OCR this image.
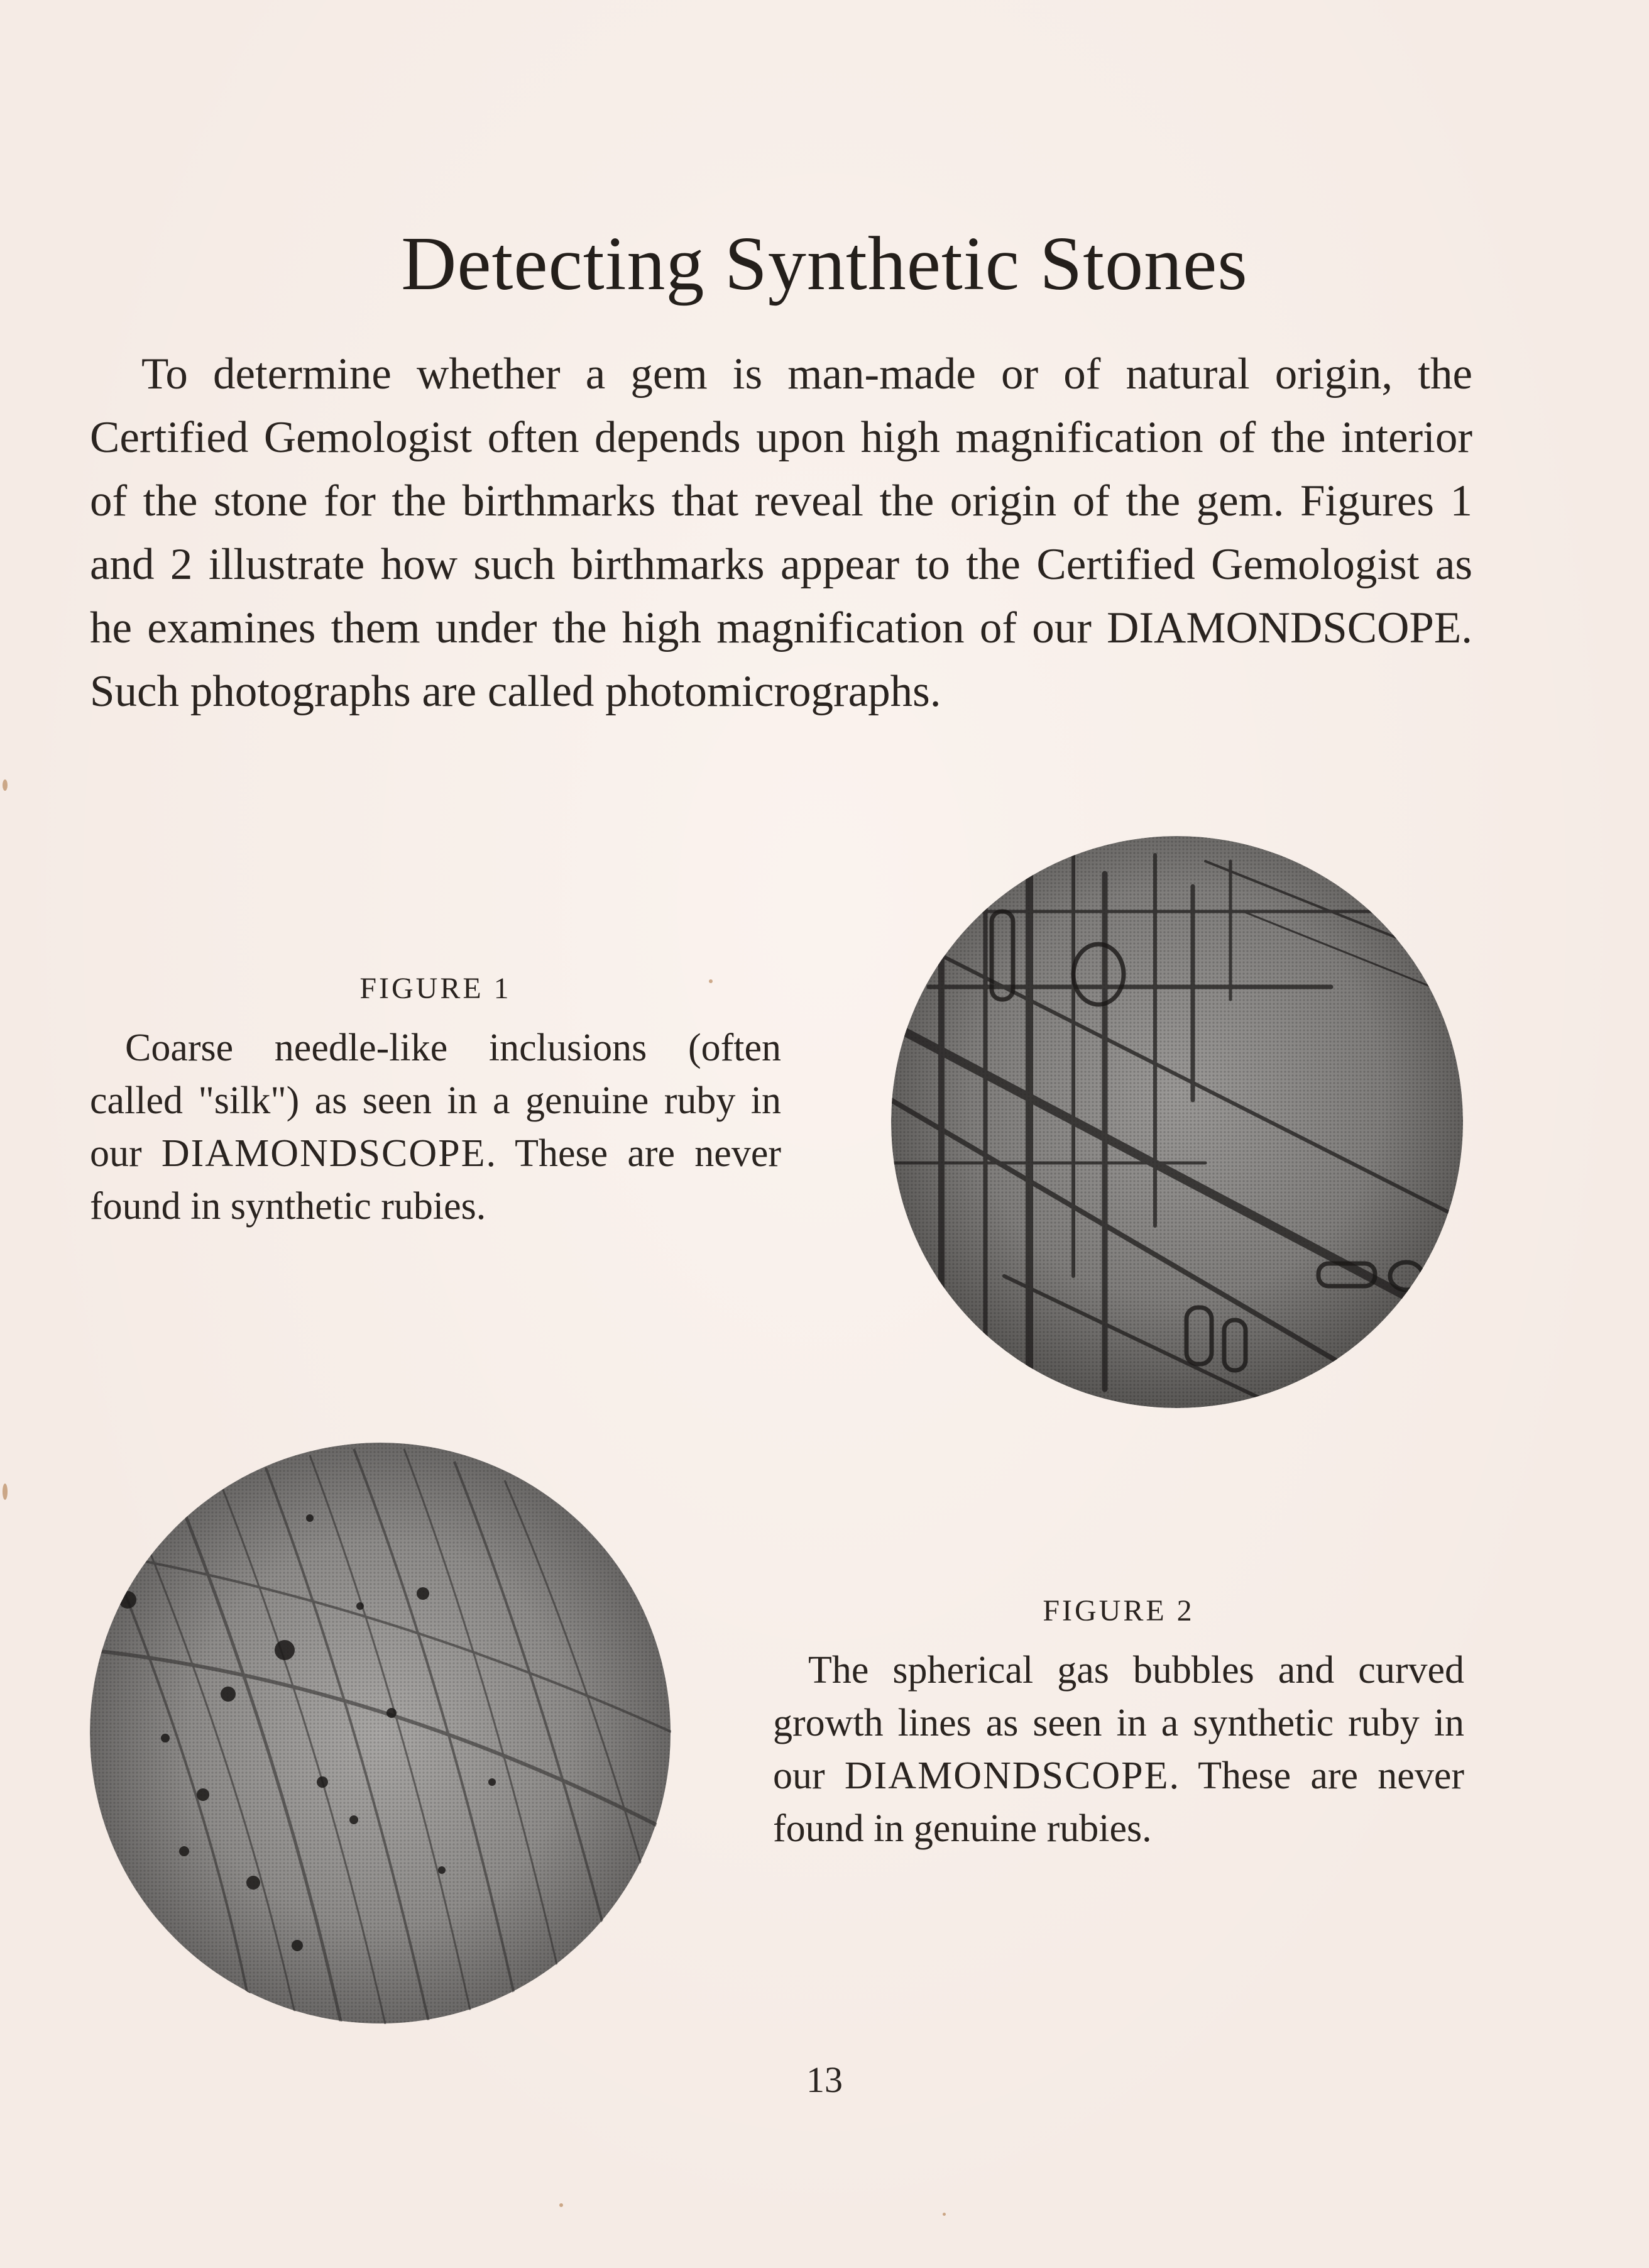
Detecting Synthetic Stones

To determine whether a gem is man-made or of natural origin, the Certified Gemologist often depends upon high magnification of the interior of the stone for the birthmarks that reveal the origin of the gem. Figures 1 and 2 illustrate how such birthmarks appear to the Certified Gemologist as he examines them under the high magnification of our DIAMONDSCOPE. Such photographs are called photomicrographs.

FIGURE 1

Coarse needle-like inclusions (often called "silk") as seen in a genuine ruby in our DIAMONDSCOPE. These are never found in synthetic rubies.

FIGURE 2

The spherical gas bubbles and curved growth lines as seen in a synthetic ruby in our DIAMONDSCOPE. These are never found in genuine rubies.

13
